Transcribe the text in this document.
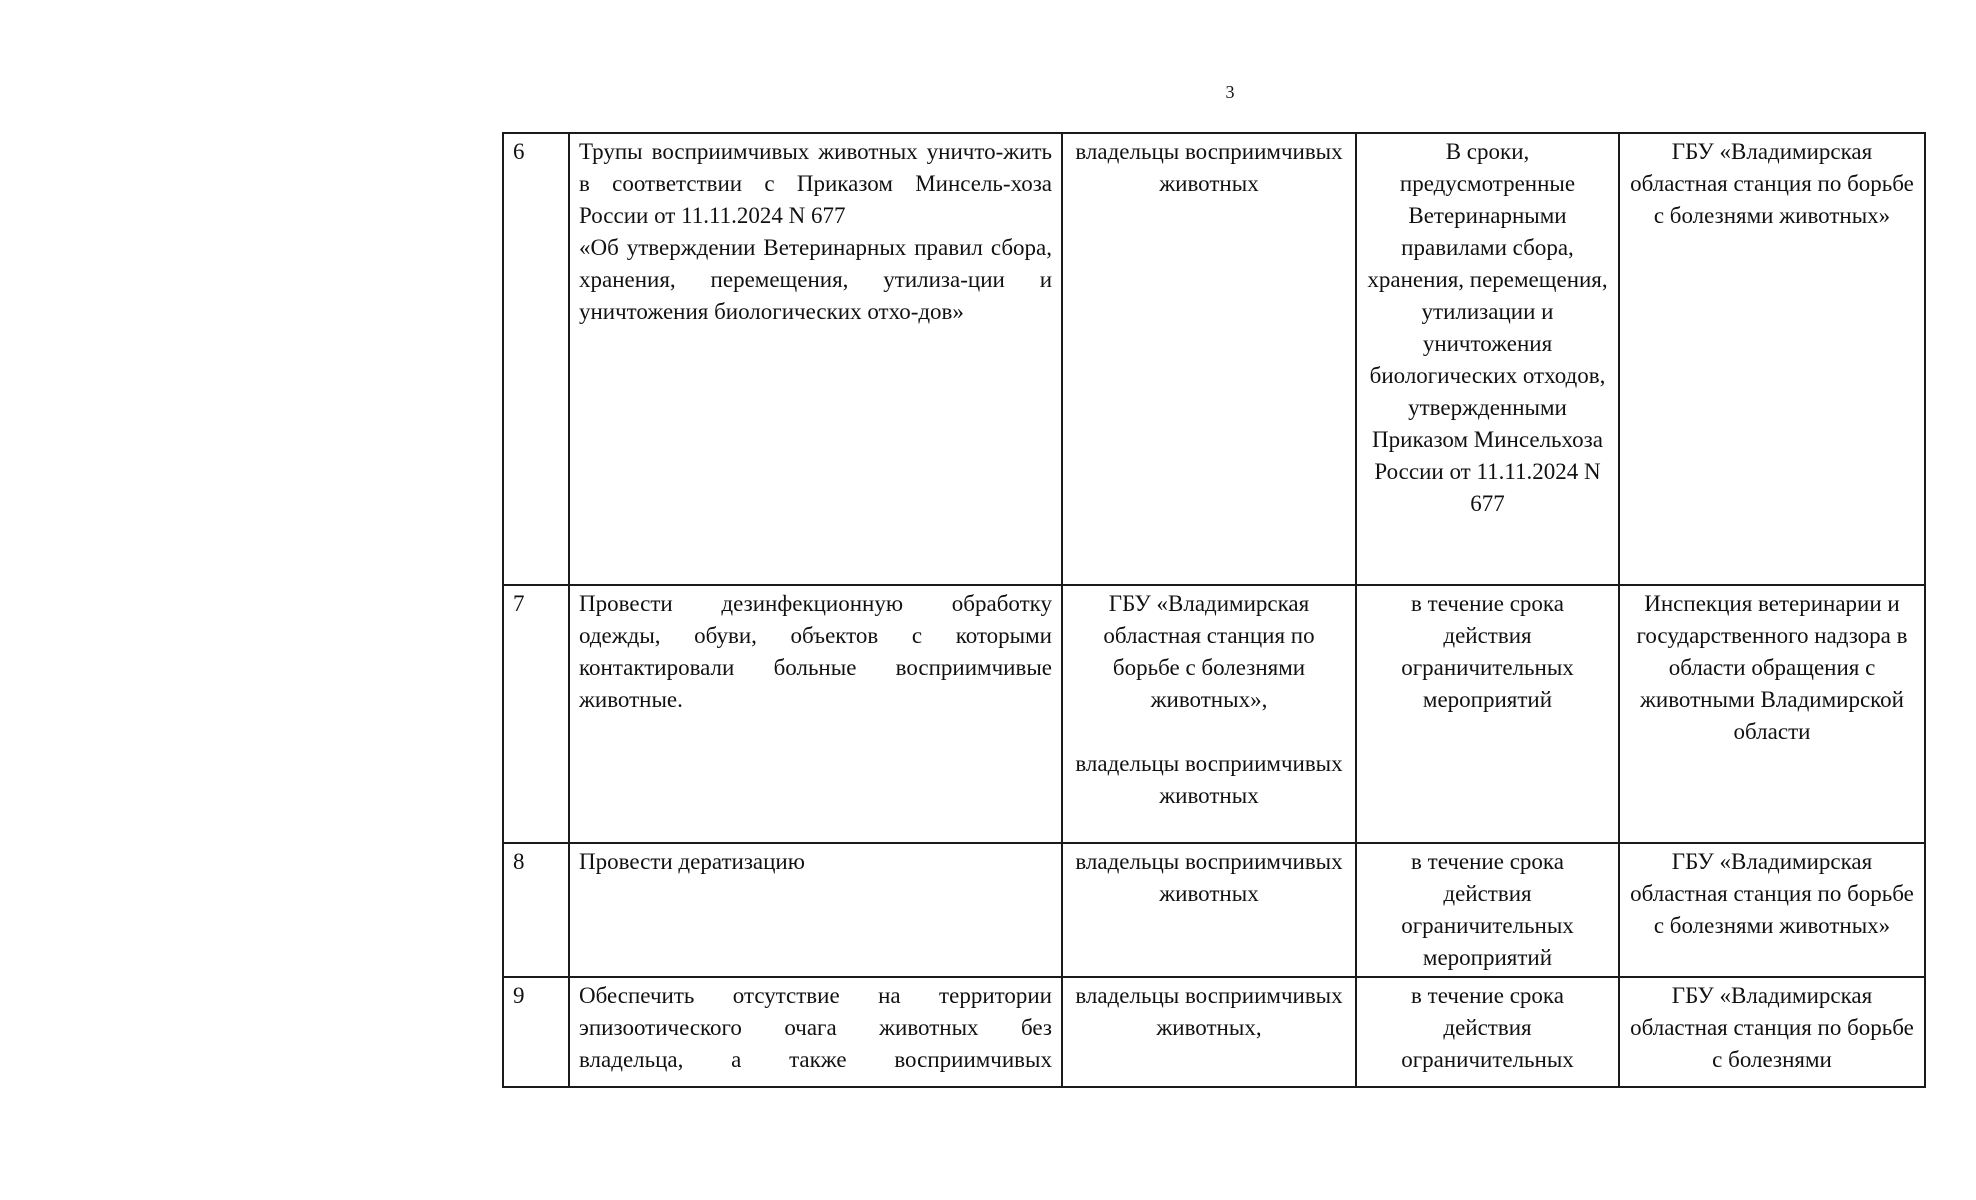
3
6	Трупы восприимчивых животных уничто-жить в соответствии с Приказом Минсель-хоза России от 11.11.2024 N 677
«Об утверждении Ветеринарных правил сбора, хранения, перемещения, утилиза-ции и уничтожения биологических отхо-дов»	владельцы восприимчивых животных	В сроки, предусмотренные Ветеринарными правилами сбора, хранения, перемещения, утилизации и уничтожения биологических отходов, утвержденными Приказом Минсельхоза России от 11.11.2024 N 677	ГБУ «Владимирская областная станция по борьбе с болезнями животных»
7	Провести дезинфекционную обработку одежды, обуви, объектов с которыми контактировали больные восприимчивые животные.	ГБУ «Владимирская областная станция по борьбе с болезнями животных»,
владельцы восприимчивых животных	в течение срока действия ограничительных мероприятий	Инспекция ветеринарии и государственного надзора в области обращения с животными Владимирской области
8	Провести дератизацию	владельцы восприимчивых животных	в течение срока действия ограничительных мероприятий	ГБУ «Владимирская областная станция по борьбе с болезнями животных»
9	Обеспечить отсутствие на территории эпизоотического очага животных без владельца, а также восприимчивых	владельцы восприимчивых животных,	в течение срока действия ограничительных	ГБУ «Владимирская областная станция по борьбе с болезнями
